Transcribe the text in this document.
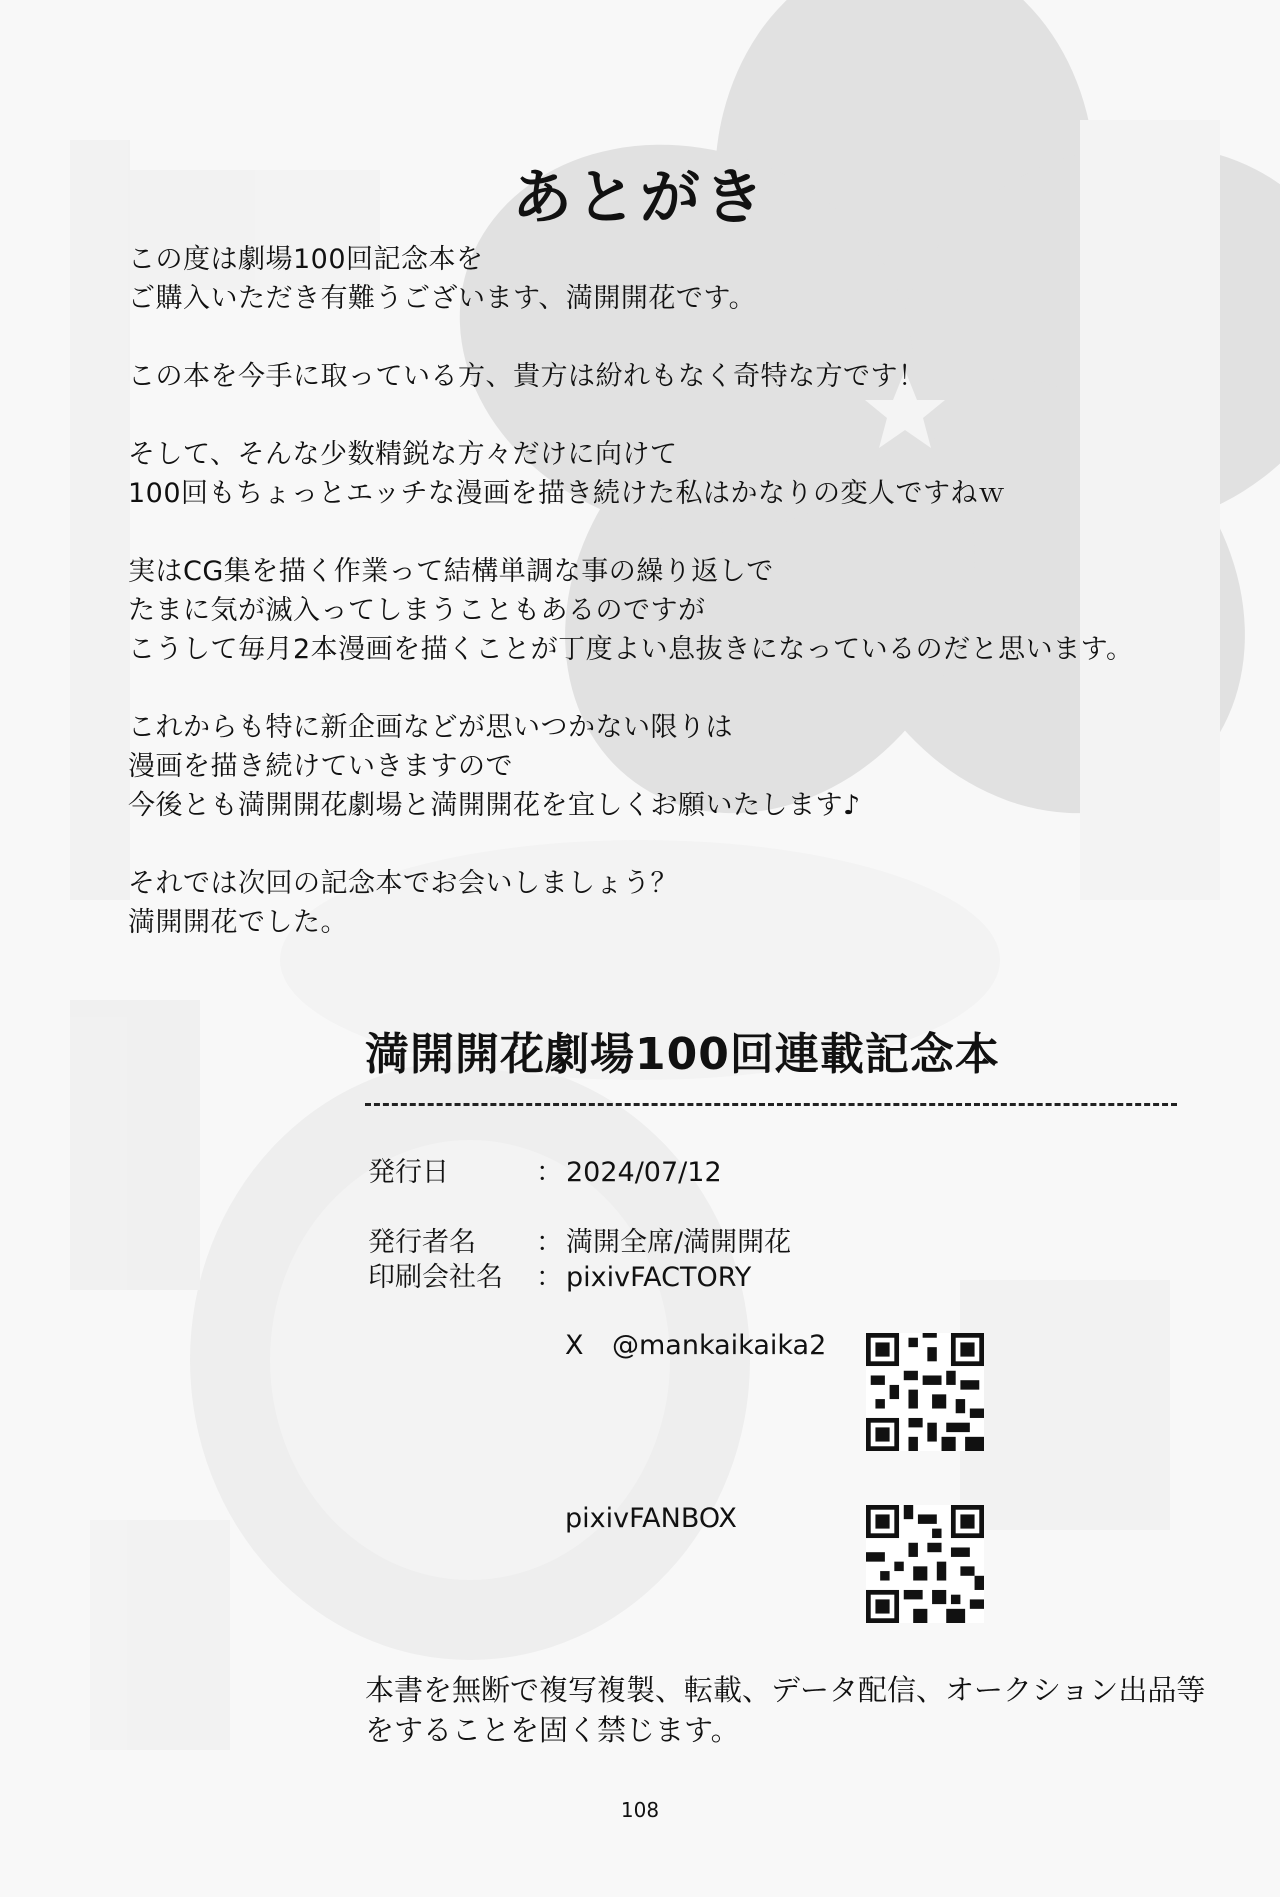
あとがき
この度は劇場100回記念本を
ご購入いただき有難うございます、満開開花です。
この本を今手に取っている方、貴方は紛れもなく奇特な方です！
そして、そんな少数精鋭な方々だけに向けて
100回もちょっとエッチな漫画を描き続けた私はかなりの変人ですねｗ
実はCG集を描く作業って結構単調な事の繰り返しで
たまに気が滅入ってしまうこともあるのですが
こうして毎月2本漫画を描くことが丁度よい息抜きになっているのだと思います。
これからも特に新企画などが思いつかない限りは
漫画を描き続けていきますので
今後とも満開開花劇場と満開開花を宜しくお願いたします♪
それでは次回の記念本でお会いしましょう？
満開開花でした。
満開開花劇場100回連載記念本
発行日	： 2024/07/12
発行者名 ： 満開全席/満開開花
印刷会社名 ： pixivFACTORY
X @mankaikaika2
pixivFANBOX
本書を無断で複写複製、転載、データ配信、オークション出品等
をすることを固く禁じます。
108
